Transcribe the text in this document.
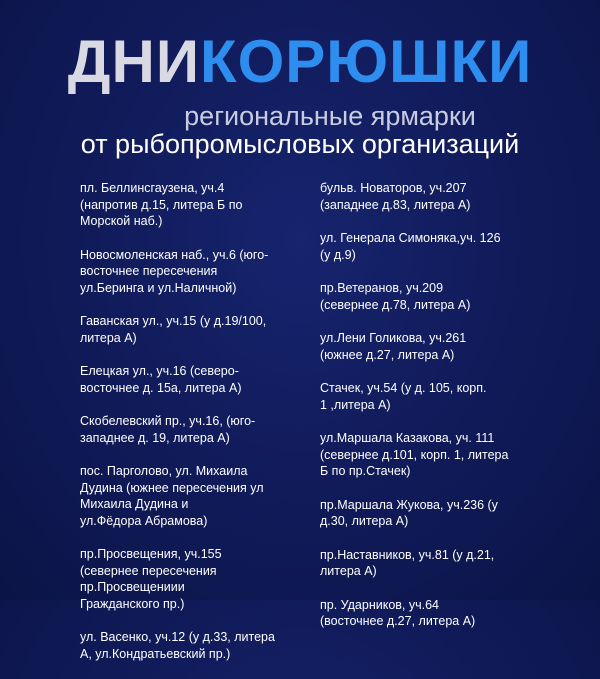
ДНИКОРЮШКИ
региональные ярмарки
от рыбопромысловых организаций
пл. Беллинсгаузена, уч.4
(напротив д.15, литера Б по
Морской наб.)
Новосмоленская наб., уч.6 (юго-
восточнее пересечения
ул.Беринга и ул.Наличной)
Гаванская ул., уч.15 (у д.19/100,
литера А)
Елецкая ул., уч.16 (северо-
восточнее д. 15а, литера А)
Скобелевский пр., уч.16, (юго-
западнее д. 19, литера А)
пос. Парголово, ул. Михаила
Дудина (южнее пересечения ул
Михаила Дудина и
ул.Фёдора Абрамова)
пр.Просвещения, уч.155
(севернее пересечения
пр.Просвещениии
Гражданского пр.)
ул. Васенко, уч.12 (у д.33, литера
А, ул.Кондратьевский пр.)
бульв. Новаторов, уч.207
(западнее д.83, литера А)
ул. Генерала Симоняка,уч. 126
(у д.9)
пр.Ветеранов, уч.209
(севернее д.78, литера А)
ул.Лени Голикова, уч.261
(южнее д.27, литера А)
Стачек, уч.54 (у д. 105, корп.
1 ,литера А)
ул.Маршала Казакова, уч. 111
(севернее д.101, корп. 1, литера
Б по пр.Стачек)
пр.Маршала Жукова, уч.236 (у
д.30, литера А)
пр.Наставников, уч.81 (у д.21,
литера А)
пр. Ударников, уч.64
(восточнее д.27, литера А)
